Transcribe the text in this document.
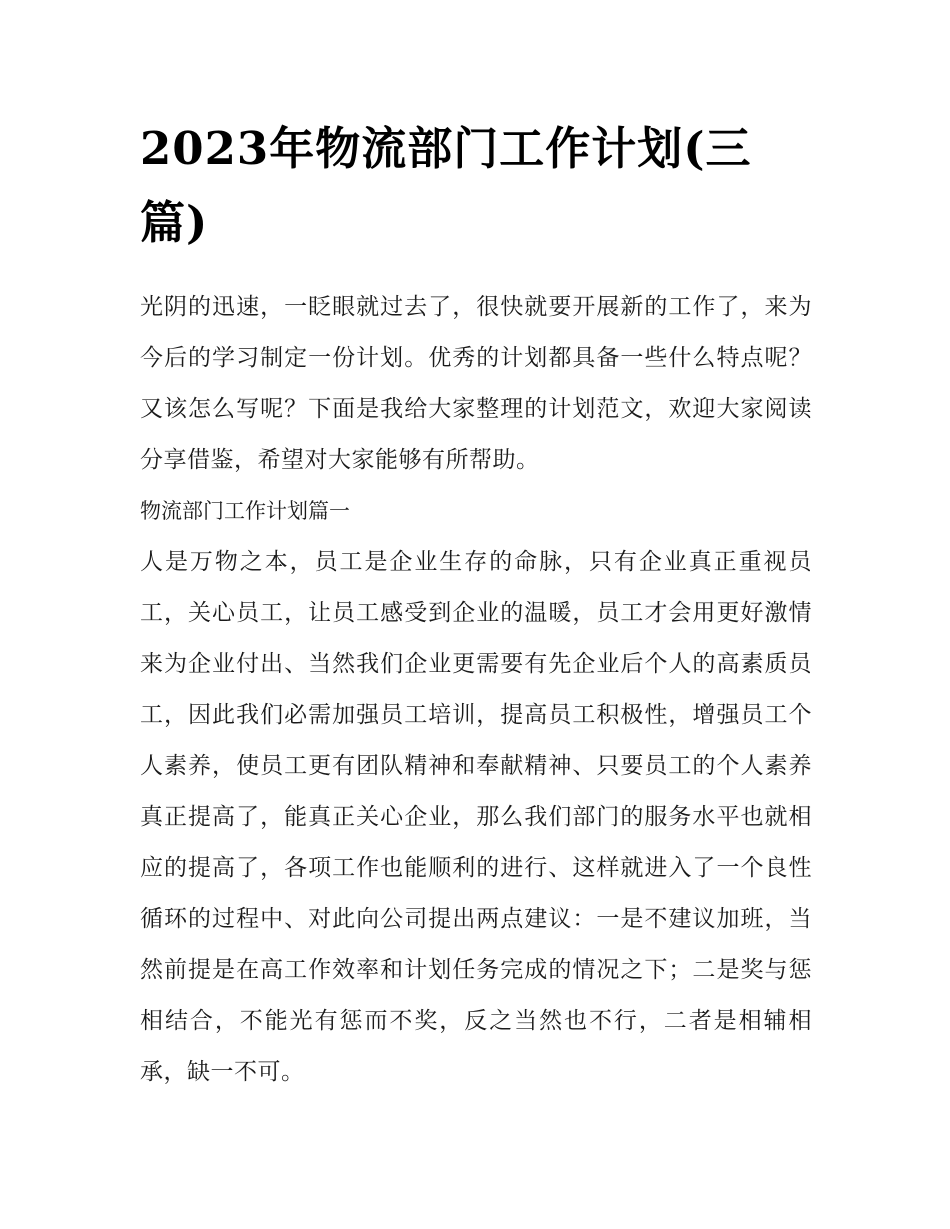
2023年物流部门工作计划(三篇)

光阴的迅速，一眨眼就过去了，很快就要开展新的工作了，来为今后的学习制定一份计划。优秀的计划都具备一些什么特点呢？又该怎么写呢？下面是我给大家整理的计划范文，欢迎大家阅读分享借鉴，希望对大家能够有所帮助。

物流部门工作计划篇一

人是万物之本，员工是企业生存的命脉，只有企业真正重视员工，关心员工，让员工感受到企业的温暖，员工才会用更好激情来为企业付出、当然我们企业更需要有先企业后个人的高素质员工，因此我们必需加强员工培训，提高员工积极性，增强员工个人素养，使员工更有团队精神和奉献精神、只要员工的个人素养真正提高了，能真正关心企业，那么我们部门的服务水平也就相应的提高了，各项工作也能顺利的进行、这样就进入了一个良性循环的过程中、对此向公司提出两点建议：一是不建议加班，当然前提是在高工作效率和计划任务完成的情况之下；二是奖与惩相结合，不能光有惩而不奖，反之当然也不行，二者是相辅相承，缺一不可。
